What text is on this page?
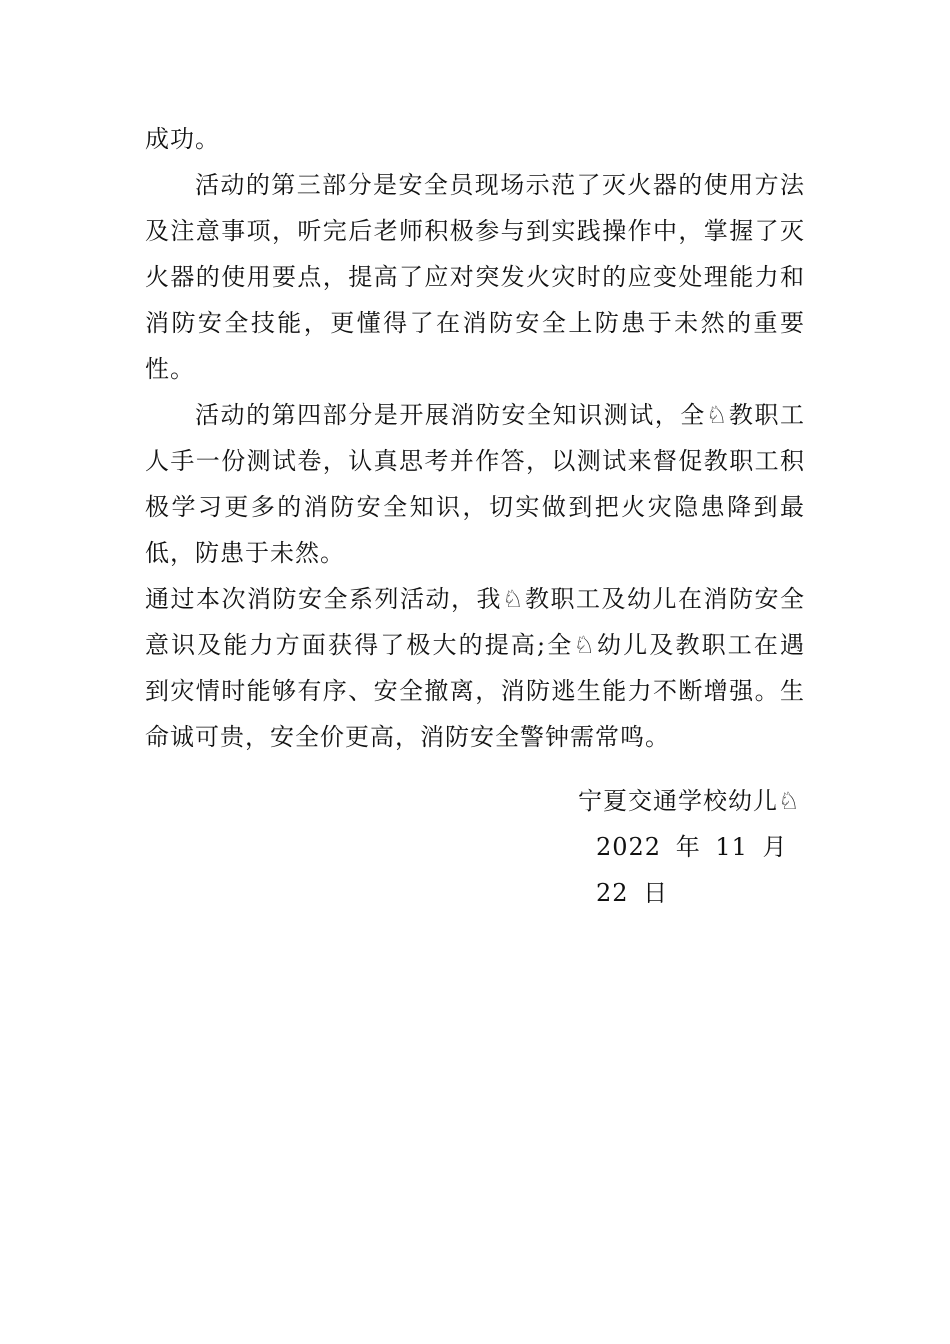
成功。

活动的第三部分是安全员现场示范了灭火器的使用方法及注意事项，听完后老师积极参与到实践操作中，掌握了灭火器的使用要点，提高了应对突发火灾时的应变处理能力和消防安全技能，更懂得了在消防安全上防患于未然的重要性。

活动的第四部分是开展消防安全知识测试，全♘教职工人手一份测试卷，认真思考并作答，以测试来督促教职工积极学习更多的消防安全知识，切实做到把火灾隐患降到最低，防患于未然。

通过本次消防安全系列活动，我♘教职工及幼儿在消防安全意识及能力方面获得了极大的提高;全♘幼儿及教职工在遇 到灾情时能够有序、安全撤离，消防逃生能力不断增强。生命诚可贵，安全价更高，消防安全警钟需常鸣。

宁夏交通学校幼儿♘

2022 年 11 月 22 日
